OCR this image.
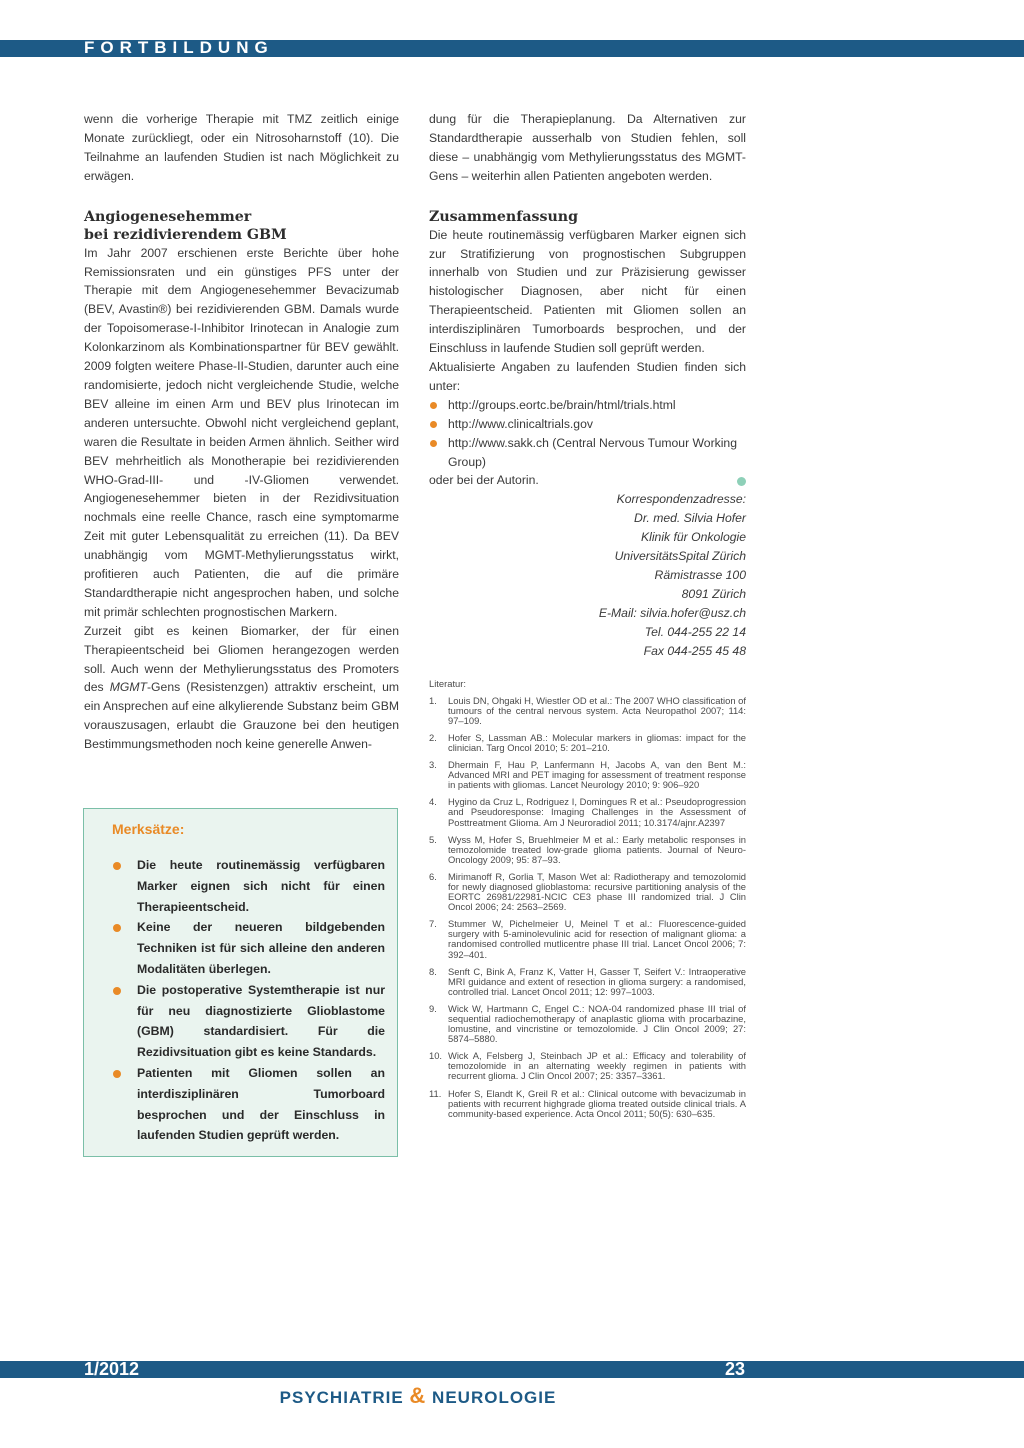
FORTBILDUNG

wenn die vorherige Therapie mit TMZ zeitlich einige Monate zurückliegt, oder ein Nitrosoharnstoff (10). Die Teilnahme an laufenden Studien ist nach Möglichkeit zu erwägen.

Angiogenesehemmer
bei rezidivierendem GBM

Im Jahr 2007 erschienen erste Berichte über hohe Remissionsraten und ein günstiges PFS unter der Therapie mit dem Angiogenesehemmer Bevacizumab (BEV, Avastin®) bei rezidivierenden GBM. Damals wurde der Topoisomerase-I-Inhibitor Irinotecan in Analogie zum Kolonkarzinom als Kombinationspartner für BEV gewählt. 2009 folgten weitere Phase-II-Studien, darunter auch eine randomisierte, jedoch nicht vergleichende Studie, welche BEV alleine im einen Arm und BEV plus Irinotecan im anderen untersuchte. Obwohl nicht vergleichend geplant, waren die Resultate in beiden Armen ähnlich. Seither wird BEV mehrheitlich als Monotherapie bei rezidivierenden WHO-Grad-III- und -IV-Gliomen verwendet. Angiogenesehemmer bieten in der Rezidivsituation nochmals eine reelle Chance, rasch eine symptomarme Zeit mit guter Lebensqualität zu erreichen (11). Da BEV unabhängig vom MGMT-Methylierungsstatus wirkt, profitieren auch Patienten, die auf die primäre Standardtherapie nicht angesprochen haben, und solche mit primär schlechten prognostischen Markern.

Zurzeit gibt es keinen Biomarker, der für einen Therapieentscheid bei Gliomen herangezogen werden soll. Auch wenn der Methylierungsstatus des Promoters des MGMT-Gens (Resistenzgen) attraktiv erscheint, um ein Ansprechen auf eine alkylierende Substanz beim GBM vorauszusagen, erlaubt die Grauzone bei den heutigen Bestimmungsmethoden noch keine generelle Anwen-

dung für die Therapieplanung. Da Alternativen zur Standardtherapie ausserhalb von Studien fehlen, soll diese – unabhängig vom Methylierungsstatus des MGMT-Gens – weiterhin allen Patienten angeboten werden.

Zusammenfassung

Die heute routinemässig verfügbaren Marker eignen sich zur Stratifizierung von prognostischen Subgruppen innerhalb von Studien und zur Präzisierung gewisser histologischer Diagnosen, aber nicht für einen Therapieentscheid. Patienten mit Gliomen sollen an interdisziplinären Tumorboards besprochen, und der Einschluss in laufende Studien soll geprüft werden.

Aktualisierte Angaben zu laufenden Studien finden sich unter:

http://groups.eortc.be/brain/html/trials.html
http://www.clinicaltrials.gov
http://www.sakk.ch (Central Nervous Tumour Working Group)
oder bei der Autorin.
Korrespondenzadresse:
Dr. med. Silvia Hofer
Klinik für Onkologie
UniversitätsSpital Zürich
Rämistrasse 100
8091 Zürich
E-Mail: silvia.hofer@usz.ch
Tel. 044-255 22 14
Fax 044-255 45 48
Literatur:
1.	Louis DN, Ohgaki H, Wiestler OD et al.: The 2007 WHO classification of tumours of the central nervous system. Acta Neuropathol 2007; 114: 97–109.
2.	Hofer S, Lassman AB.: Molecular markers in gliomas: impact for the clinician. Targ Oncol 2010; 5: 201–210.
3.	Dhermain F, Hau P, Lanfermann H, Jacobs A, van den Bent M.: Advanced MRI and PET imaging for assessment of treatment response in patients with gliomas. Lancet Neurology 2010; 9: 906–920
4.	Hygino da Cruz L, Rodriguez I, Domingues R et al.: Pseudoprogression and Pseudoresponse: Imaging Challenges in the Assessment of Posttreatment Glioma. Am J Neuroradiol 2011; 10.3174/ajnr.A2397
5.	Wyss M, Hofer S, Bruehlmeier M et al.: Early metabolic responses in temozolomide treated low-grade glioma patients. Journal of Neuro-Oncology 2009; 95: 87–93.
6.	Mirimanoff R, Gorlia T, Mason Wet al: Radiotherapy and temozolomid for newly diagnosed glioblastoma: recursive partitioning analysis of the EORTC 26981/22981-NCIC CE3 phase III randomized trial. J Clin Oncol 2006; 24: 2563–2569.
7.	Stummer W, Pichelmeier U, Meinel T et al.: Fluorescence-guided surgery with 5-aminolevulinic acid for resection of malignant glioma: a randomised controlled mutlicentre phase III trial. Lancet Oncol 2006; 7: 392–401.
8.	Senft C, Bink A, Franz K, Vatter H, Gasser T, Seifert V.: Intraoperative MRI guidance and extent of resection in glioma surgery: a randomised, controlled trial. Lancet Oncol 2011; 12: 997–1003.
9.	Wick W, Hartmann C, Engel C.: NOA-04 randomized phase III trial of sequential radiochemotherapy of anaplastic glioma with procarbazine, lomustine, and vincristine or temozolomide. J Clin Oncol 2009; 27: 5874–5880.
10. Wick A, Felsberg J, Steinbach JP et al.: Efficacy and tolerability of temozolomide in an alternating weekly regimen in patients with recurrent glioma. J Clin Oncol 2007; 25: 3357–3361.
11. Hofer S, Elandt K, Greil R et al.: Clinical outcome with bevacizumab in patients with recurrent highgrade glioma treated outside clinical trials. A community-based experience. Acta Oncol 2011; 50(5): 630–635.
Merksätze:
Die heute routinemässig verfügbaren Marker eignen sich nicht für einen Therapieentscheid.
Keine der neueren bildgebenden Techniken ist für sich alleine den anderen Modalitäten überlegen.
Die postoperative Systemtherapie ist nur für neu diagnostizierte Glioblastome (GBM) standardisiert. Für die Rezidivsituation gibt es keine Standards.
Patienten mit Gliomen sollen an interdisziplinären Tumorboard besprochen und der Einschluss in laufenden Studien geprüft werden.
1/2012	23
PSYCHIATRIE & NEUROLOGIE
